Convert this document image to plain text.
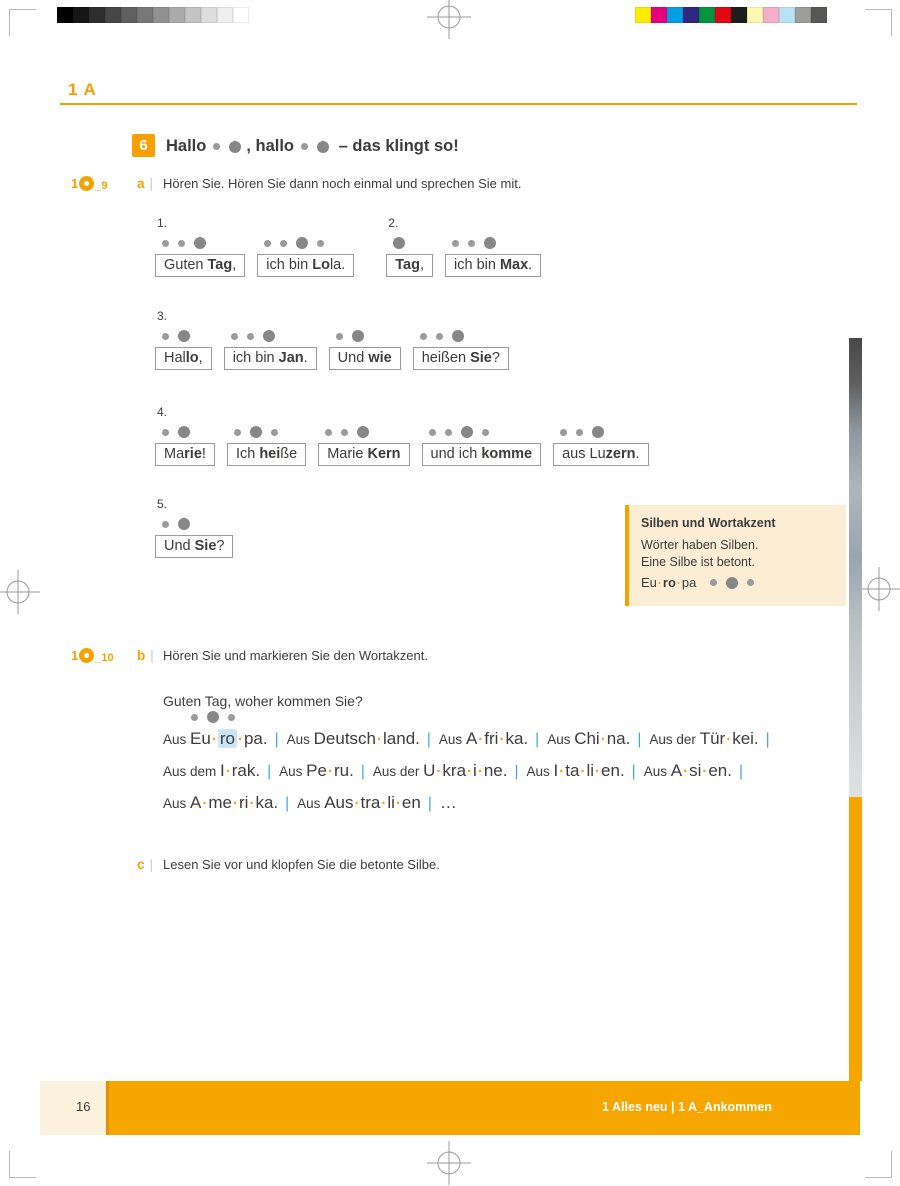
1 A
6	Hallo , hallo
– das klingt so!
1 _9 a | Hören Sie. Hören Sie dann noch einmal und sprechen Sie mit.
1.
Guten Tag,	ich bin Lola.
2.
Tag,	ich bin Max.
3.
Hallo,	ich bin Jan.	Und wie	heißen Sie?
4.
Marie!	Ich heiße	Marie Kern	und ich komme	aus Luzern.
5.
Und Sie?
Silben und Wortakzent
Wörter haben Silben.
Eine Silbe ist betont.
Eu·ro·pa
1 _10 b | Hören Sie und markieren Sie den Wortakzent.
Guten Tag, woher kommen Sie?
Aus Eu· ro ·pa. | Aus Deutsch·land. | Aus A·fri·ka. | Aus Chi·na. | Aus der Tür·kei. |
Aus dem I·rak. | Aus Pe·ru. | Aus der U·kra·i·ne. | Aus I·ta·li·en. | Aus A·si·en. |
Aus A·me·ri·ka. | Aus Aus·tra·li·en | …
c | Lesen Sie vor und klopfen Sie die betonte Silbe.
16	1 Alles neu | 1 A_Ankommen
